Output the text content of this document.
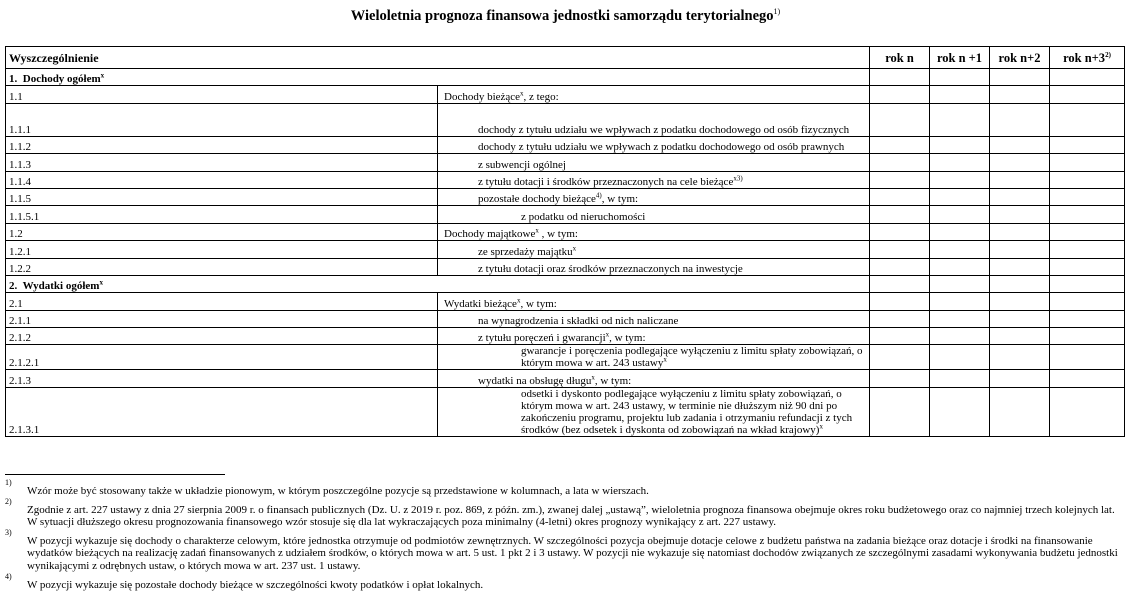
Wieloletnia prognoza finansowa jednostki samorządu terytorialnego$^{1)}$
Wyszczególnienie		rok n	rok n +1	rok n+2	rok $n+3^{2)}$
1. Dochody ogółem$^x$				
1.1	Dochody bieżące$^x$, z tego:				

1.1.1	dochody z tytułu udziału we wpływach z podatku dochodowego od osób fizycznych				

1.1.2	dochody z tytułu udziału we wpływach z podatku dochodowego od osób prawnych				

1.1.3	z subwencji ogólnej				

1.1.4	z tytułu dotacji i środków przeznaczonych na cele bieżące$^{x3)}$

1.1.5	pozostałe dochody bieżące$^{4)}$, w tym:				

1.1.5.1	z podatku od nieruchomości				

1.2	Dochody majątkowe$^x$ , w tym:				

1.2.1	ze sprzedaży majątku$^x$

1.2.2	z tytułu dotacji oraz środków przeznaczonych na inwestycje				

2. Wydatki ogółem$^x$				
2.1	Wydatki bieżące$^x$, w tym:				

2.1.1	na wynagrodzenia i składki od nich naliczane				

2.1.2	z tytułu poręczeń i gwarancji$^x$, w tym:				

2.1.2.1	gwarancje i poręczenia podlegające wyłączeniu z limitu spłaty zobowiązań, o którym mowa w art. 243 ustawy$^x$

2.1.3	wydatki na obsługę długu$^x$, w tym:				

2.1.3.1	odsetki i dyskonto podlegające wyłączeniu z limitu spłaty zobowiązań, o którym mowa w art. 243 ustawy, w terminie nie dłuższym niż 90 dni po zakończeniu programu, projektu lub zadania i otrzymaniu refundacji z tych środków (bez odsetek i dyskonta od zobowiązań na wkład krajowy)$^x$

1)
Wzór może być stosowany także w układzie pionowym, w którym poszczególne pozycje są przedstawione w kolumnach, a lata w wierszach.
2)
Zgodnie z art. 227 ustawy z dnia 27 sierpnia 2009 r. o finansach publicznych (Dz. U. z 2019 r. poz. 869, z późn. zm.), zwanej dalej „ustawą”, wieloletnia prognoza finansowa obejmuje okres roku budżetowego oraz co najmniej trzech kolejnych lat. W sytuacji dłuższego okresu prognozowania finansowego wzór stosuje się dla lat wykraczających poza minimalny (4-letni) okres prognozy wynikający z art. 227 ustawy.
3)
W pozycji wykazuje się dochody o charakterze celowym, które jednostka otrzymuje od podmiotów zewnętrznych. W szczególności pozycja obejmuje dotacje celowe z budżetu państwa na zadania bieżące oraz dotacje i środki na finansowanie wydatków bieżących na realizację zadań finansowanych z udziałem środków, o których mowa w art. 5 ust. 1 pkt 2 i 3 ustawy. W pozycji nie wykazuje się natomiast dochodów związanych ze szczególnymi zasadami wykonywania budżetu jednostki wynikającymi z odrębnych ustaw, o których mowa w art. 237 ust. 1 ustawy.
4)
W pozycji wykazuje się pozostałe dochody bieżące w szczególności kwoty podatków i opłat lokalnych.
